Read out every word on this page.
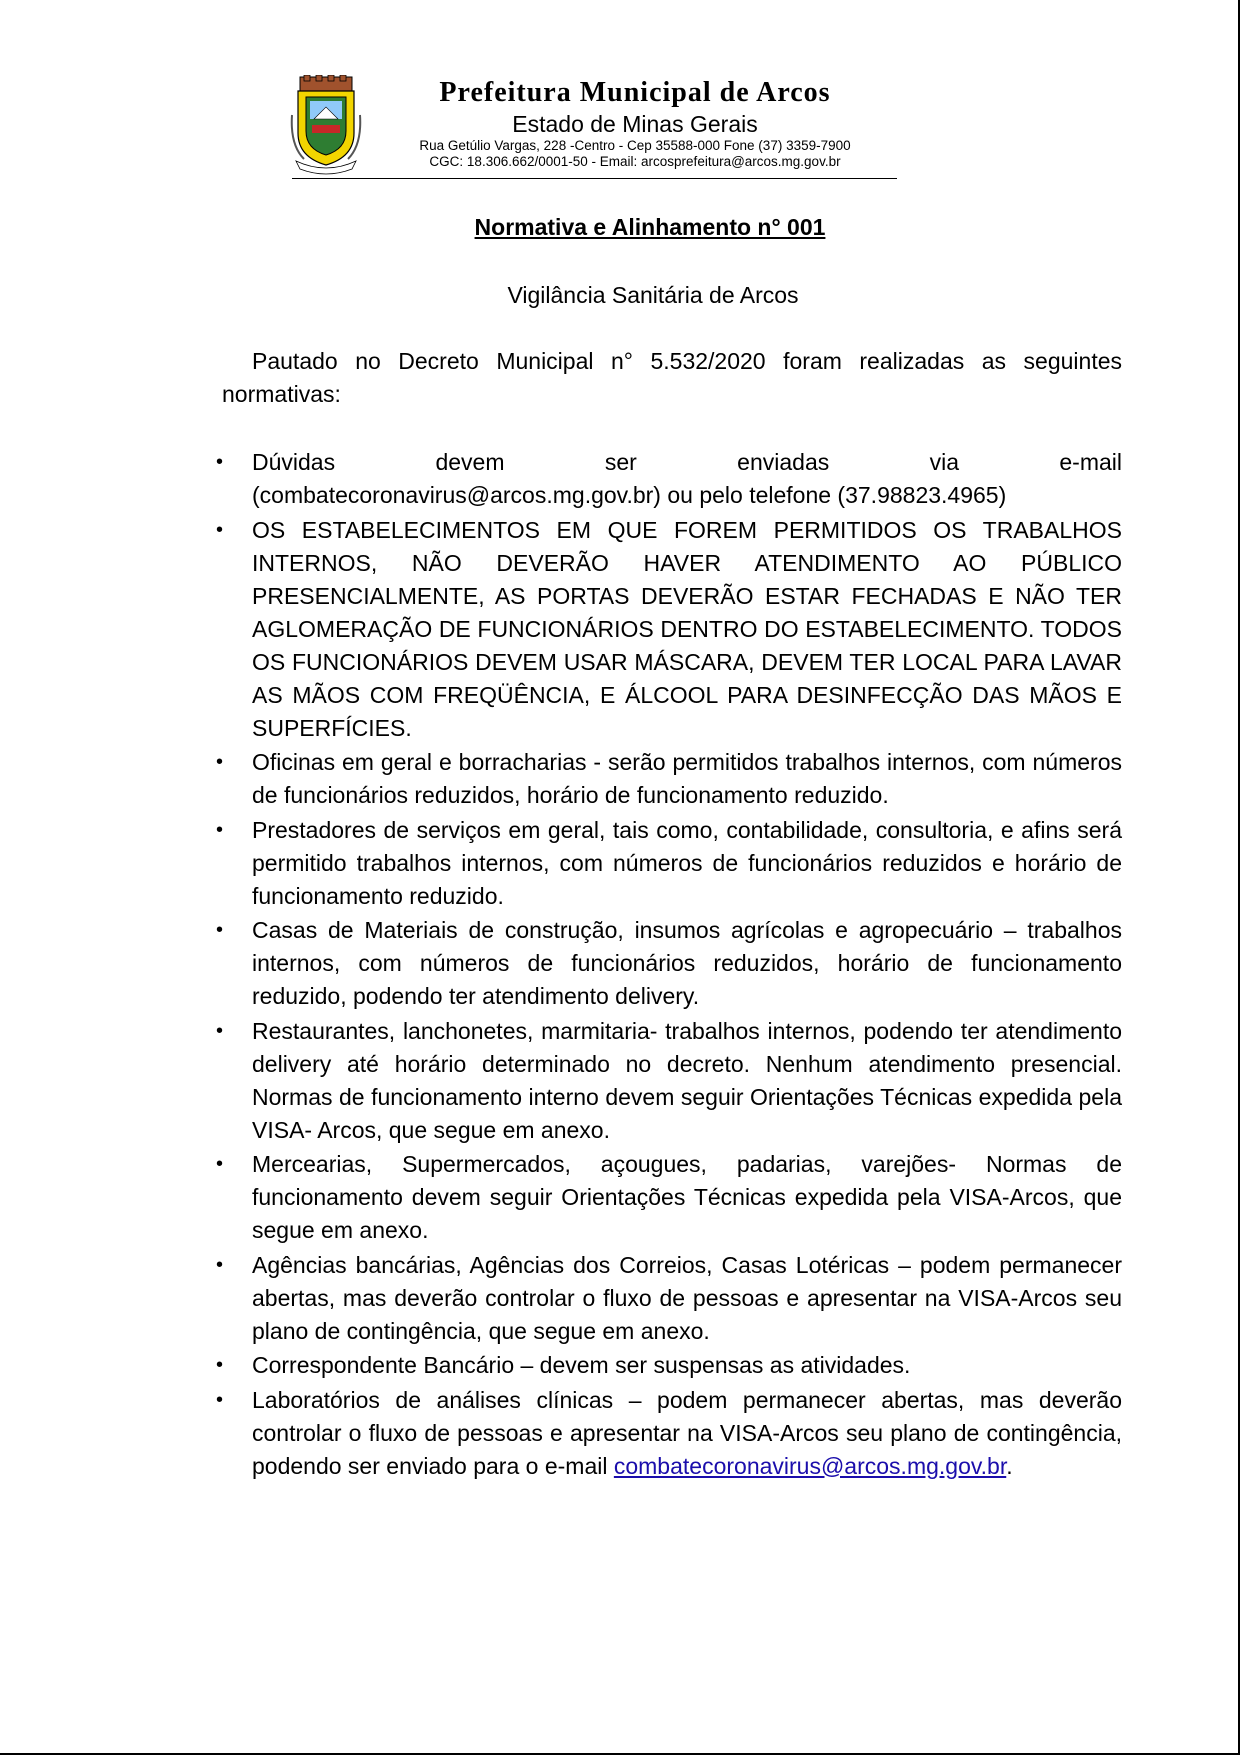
Prefeitura Municipal de Arcos
Estado de Minas Gerais
Rua Getúlio Vargas, 228 -Centro - Cep 35588-000 Fone (37) 3359-7900
CGC: 18.306.662/0001-50 - Email: arcosprefeitura@arcos.mg.gov.br
Normativa e Alinhamento n° 001
Vigilância Sanitária de Arcos

Pautado no Decreto Municipal n° 5.532/2020 foram realizadas as seguintes normativas:

• Dúvidas devem ser enviadas via e-mail
(combatecoronavirus@arcos.mg.gov.br) ou pelo telefone (37.98823.4965)
• OS ESTABELECIMENTOS EM QUE FOREM PERMITIDOS OS TRABALHOS INTERNOS, NÃO DEVERÃO HAVER ATENDIMENTO AO PÚBLICO PRESENCIALMENTE, AS PORTAS DEVERÃO ESTAR FECHADAS E NÃO TER AGLOMERAÇÃO DE FUNCIONÁRIOS DENTRO DO ESTABELECIMENTO. TODOS OS FUNCIONÁRIOS DEVEM USAR MÁSCARA, DEVEM TER LOCAL PARA LAVAR AS MÃOS COM FREQÜÊNCIA, E ÁLCOOL PARA DESINFECÇÃO DAS MÃOS E SUPERFÍCIES.
• Oficinas em geral e borracharias - serão permitidos trabalhos internos, com números de funcionários reduzidos, horário de funcionamento reduzido.
• Prestadores de serviços em geral, tais como, contabilidade, consultoria, e afins será permitido trabalhos internos, com números de funcionários reduzidos e horário de funcionamento reduzido.
• Casas de Materiais de construção, insumos agrícolas e agropecuário – trabalhos internos, com números de funcionários reduzidos, horário de funcionamento reduzido, podendo ter atendimento delivery.
• Restaurantes, lanchonetes, marmitaria- trabalhos internos, podendo ter atendimento delivery até horário determinado no decreto. Nenhum atendimento presencial. Normas de funcionamento interno devem seguir Orientações Técnicas expedida pela VISA- Arcos, que segue em anexo.
• Mercearias, Supermercados, açougues, padarias, varejões- Normas de funcionamento devem seguir Orientações Técnicas expedida pela VISA-Arcos, que segue em anexo.
• Agências bancárias, Agências dos Correios, Casas Lotéricas – podem permanecer abertas, mas deverão controlar o fluxo de pessoas e apresentar na VISA-Arcos seu plano de contingência, que segue em anexo.
• Correspondente Bancário – devem ser suspensas as atividades.
• Laboratórios de análises clínicas – podem permanecer abertas, mas deverão controlar o fluxo de pessoas e apresentar na VISA-Arcos seu plano de contingência, podendo ser enviado para o e-mail combatecoronavirus@arcos.mg.gov.br.
